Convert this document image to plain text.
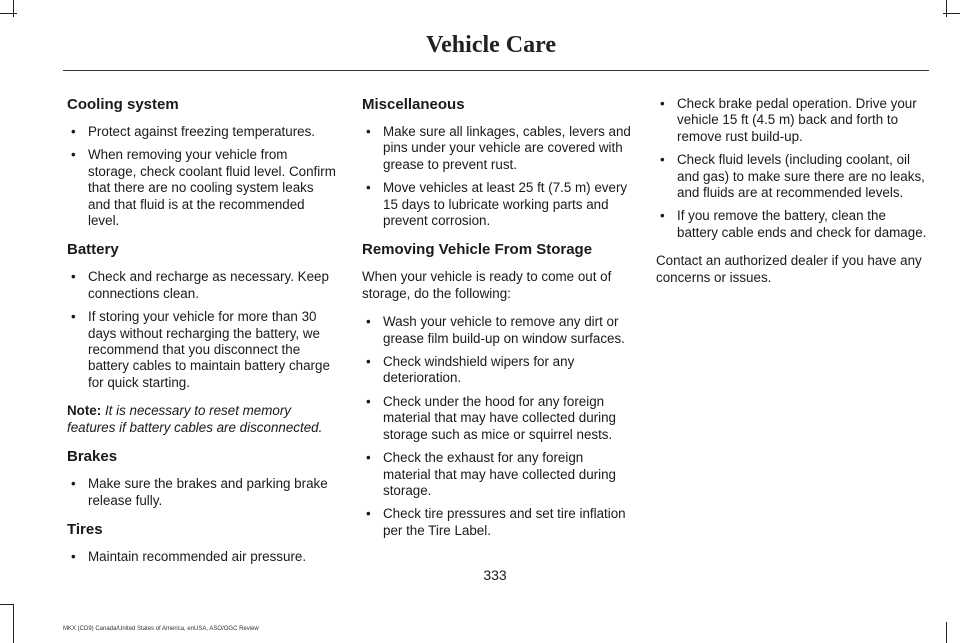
Vehicle Care
Cooling system
• Protect against freezing temperatures.
• When removing your vehicle from storage, check coolant fluid level. Confirm that there are no cooling system leaks and that fluid is at the recommended level.
Battery
• Check and recharge as necessary. Keep connections clean.
• If storing your vehicle for more than 30 days without recharging the battery, we recommend that you disconnect the battery cables to maintain battery charge for quick starting.

Note: It is necessary to reset memory features if battery cables are disconnected.

Brakes
• Make sure the brakes and parking brake release fully.
Tires
• Maintain recommended air pressure.
Miscellaneous
• Make sure all linkages, cables, levers and pins under your vehicle are covered with grease to prevent rust.
• Move vehicles at least 25 ft (7.5 m) every 15 days to lubricate working parts and prevent corrosion.
Removing Vehicle From Storage

When your vehicle is ready to come out of storage, do the following:

• Wash your vehicle to remove any dirt or grease film build-up on window surfaces.
• Check windshield wipers for any deterioration.
• Check under the hood for any foreign material that may have collected during storage such as mice or squirrel nests.
• Check the exhaust for any foreign material that may have collected during storage.
• Check tire pressures and set tire inflation per the Tire Label.
• Check brake pedal operation. Drive your vehicle 15 ft (4.5 m) back and forth to remove rust build-up.
• Check fluid levels (including coolant, oil and gas) to make sure there are no leaks, and fluids are at recommended levels.
• If you remove the battery, clean the battery cable ends and check for damage.

Contact an authorized dealer if you have any concerns or issues.

333
MKX (CD9) Canada/United States of America, enUSA, ASO/OGC Review
